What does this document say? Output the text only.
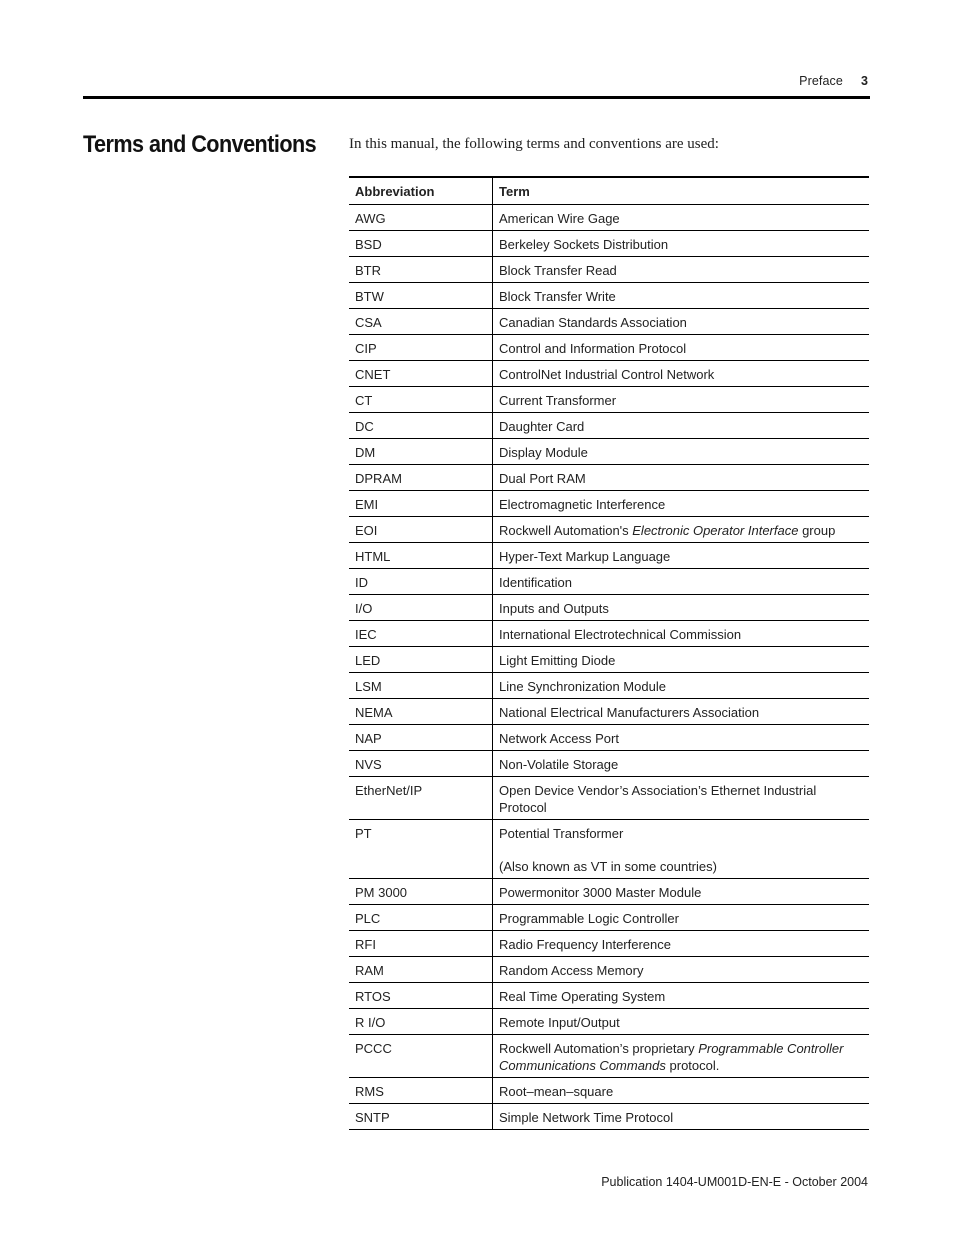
Preface 3
Terms and Conventions In this manual, the following terms and conventions are used:
Abbreviation	Term
AWG	American Wire Gage
BSD	Berkeley Sockets Distribution
BTR	Block Transfer Read
BTW	Block Transfer Write
CSA	Canadian Standards Association
CIP	Control and Information Protocol
CNET	ControlNet Industrial Control Network
CT	Current Transformer
DC	Daughter Card
DM	Display Module
DPRAM	Dual Port RAM
EMI	Electromagnetic Interference
EOI	Rockwell Automation's Electronic Operator Interface group
HTML	Hyper-Text Markup Language
ID	Identification
I/O	Inputs and Outputs
IEC	International Electrotechnical Commission
LED	Light Emitting Diode
LSM	Line Synchronization Module
NEMA	National Electrical Manufacturers Association
NAP	Network Access Port
NVS	Non-Volatile Storage
EtherNet/IP	Open Device Vendor’s Association’s Ethernet Industrial Protocol
PT	Potential Transformer
(Also known as VT in some countries)
PM 3000	Powermonitor 3000 Master Module
PLC	Programmable Logic Controller
RFI	Radio Frequency Interference
RAM	Random Access Memory
RTOS	Real Time Operating System
R I/O	Remote Input/Output
PCCC	Rockwell Automation’s proprietary Programmable Controller Communications Commands protocol.
RMS	Root–mean–square
SNTP	Simple Network Time Protocol
Publication 1404-UM001D-EN-E - October 2004
